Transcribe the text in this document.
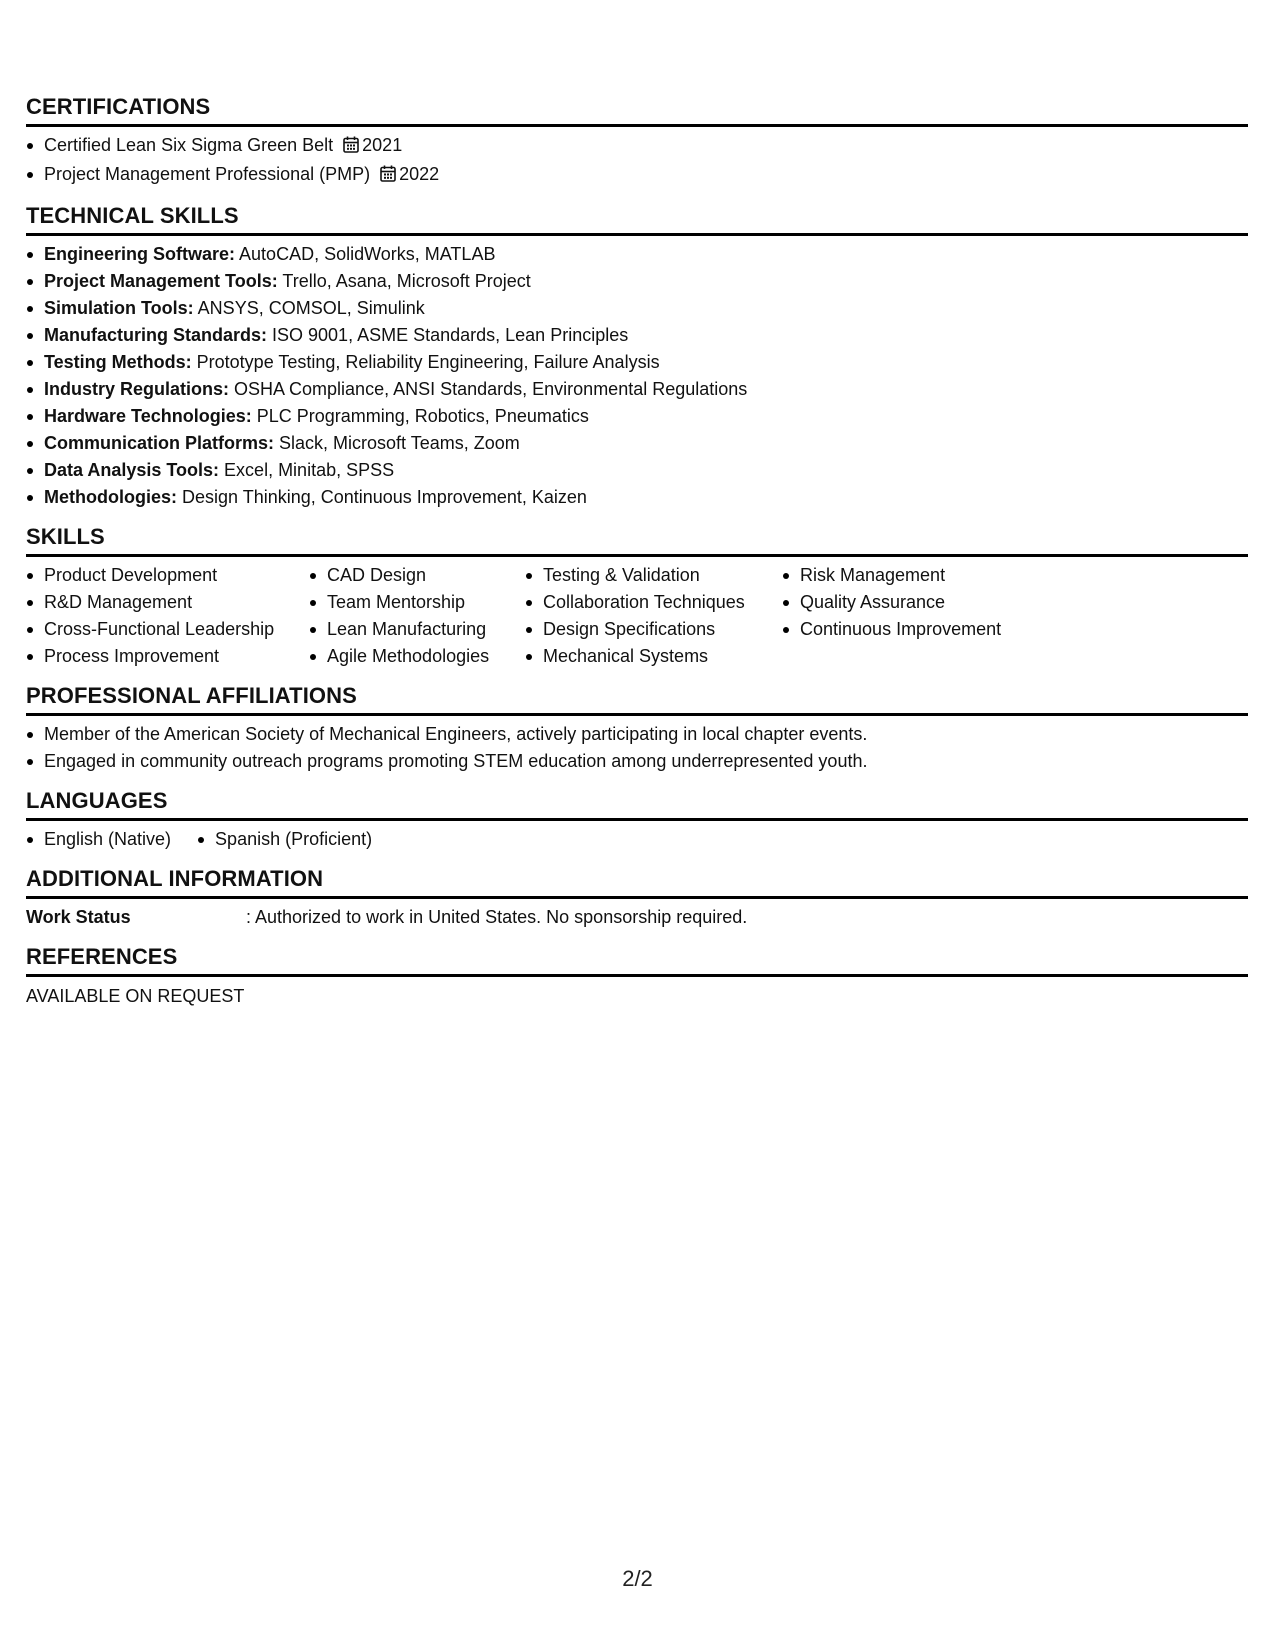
CERTIFICATIONS
Certified Lean Six Sigma Green Belt 2021
Project Management Professional (PMP) 2022
TECHNICAL SKILLS
Engineering Software: AutoCAD, SolidWorks, MATLAB
Project Management Tools: Trello, Asana, Microsoft Project
Simulation Tools: ANSYS, COMSOL, Simulink
Manufacturing Standards: ISO 9001, ASME Standards, Lean Principles
Testing Methods: Prototype Testing, Reliability Engineering, Failure Analysis
Industry Regulations: OSHA Compliance, ANSI Standards, Environmental Regulations
Hardware Technologies: PLC Programming, Robotics, Pneumatics
Communication Platforms: Slack, Microsoft Teams, Zoom
Data Analysis Tools: Excel, Minitab, SPSS
Methodologies: Design Thinking, Continuous Improvement, Kaizen
SKILLS
Product Development
R&D Management
Cross-Functional Leadership
Process Improvement
CAD Design
Team Mentorship
Lean Manufacturing
Agile Methodologies
Testing & Validation
Collaboration Techniques
Design Specifications
Mechanical Systems
Risk Management
Quality Assurance
Continuous Improvement
PROFESSIONAL AFFILIATIONS
Member of the American Society of Mechanical Engineers, actively participating in local chapter events.
Engaged in community outreach programs promoting STEM education among underrepresented youth.
LANGUAGES
English (Native)	Spanish (Proficient)
ADDITIONAL INFORMATION
Work Status	: Authorized to work in United States. No sponsorship required.
REFERENCES
AVAILABLE ON REQUEST
2/2
